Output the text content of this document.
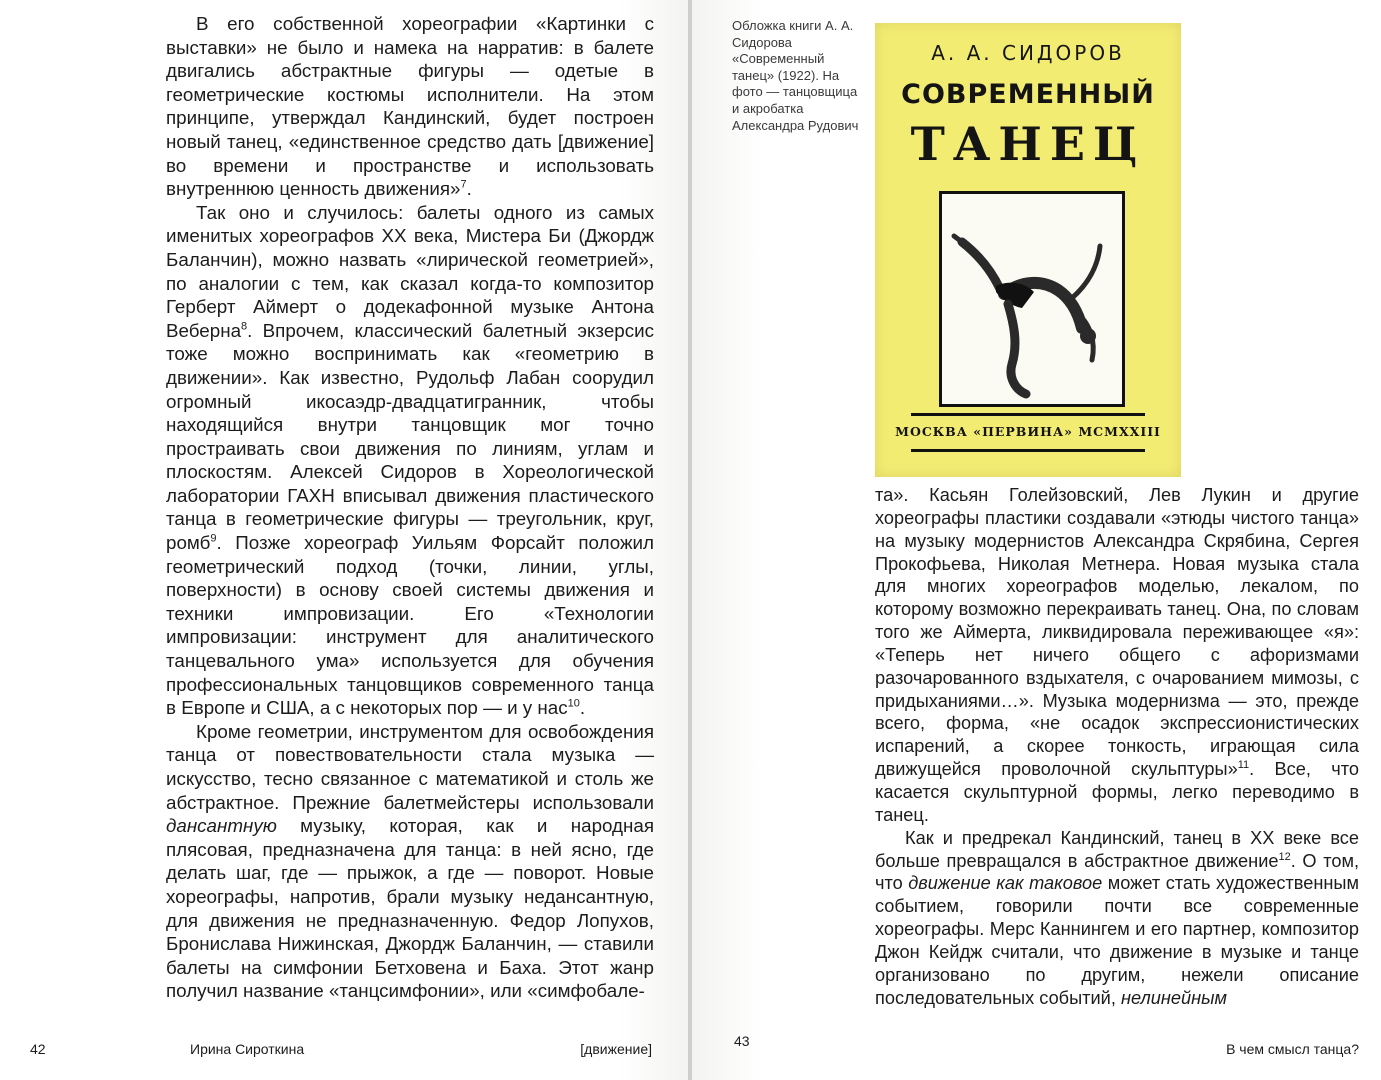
В его собственной хореографии «Картинки с выставки» не было и намека на нарратив: в балете двигались абстрактные фигуры — одетые в геометрические костюмы исполнители. На этом принципе, утверждал Кандинский, будет построен новый танец, «единственное средство дать [движение] во времени и пространстве и использовать внутреннюю ценность движения»$^7$.

Так оно и случилось: балеты одного из самых именитых хореографов XX века, Мистера Би (Джордж Баланчин), можно назвать «лирической геометрией», по аналогии с тем, как сказал когда-то композитор Герберт Аймерт о додекафонной музыке Антона Веберна$^8$. Впрочем, классический балетный экзерсис тоже можно воспринимать как «геометрию в движении». Как известно, Рудольф Лабан соорудил огромный икосаэдр-двадцатигранник, чтобы находящийся внутри танцовщик мог точно простраивать свои движения по линиям, углам и плоскостям. Алексей Сидоров в Хореологической лаборатории ГАХН вписывал движения пластического танца в геометрические фигуры — треугольник, круг, ромб$^9$. Позже хореограф Уильям Форсайт положил геометрический подход (точки, линии, углы, поверхности) в основу своей системы движения и техники импровизации. Его «Технологии импровизации: инструмент для аналитического танцевального ума» используется для обучения профессиональных танцовщиков современного танца в Европе и США, а с некоторых пор — и у нас$^{10}$.

Кроме геометрии, инструментом для освобождения танца от повествовательности стала музыка — искусство, тесно связанное с математикой и столь же абстрактное. Прежние балетмейстеры использовали дансантную музыку, которая, как и народная плясовая, предназначена для танца: в ней ясно, где делать шаг, где — прыжок, а где — поворот. Новые хореографы, напротив, брали музыку недансантную, для движения не предназначенную. Федор Лопухов, Бронислава Нижинская, Джордж Баланчин, — ставили балеты на симфонии Бетховена и Баха. Этот жанр получил название «танцсимфонии», или «симфобале-

42	Ирина Сироткина	[движение]

Обложка книги А. А. Сидорова «Современный танец» (1922). На фото — танцовщица и акробатка Александра Рудович

А. А. СИДОРОВ

СОВРЕМЕННЫЙ

ТАНЕЦ

МОСКВА «ПЕРВИНА» МСМХХIII

та». Касьян Голейзовский, Лев Лукин и другие хореографы пластики создавали «этюды чистого танца» на музыку модернистов Александра Скрябина, Сергея Прокофьева, Николая Метнера. Новая музыка стала для многих хореографов моделью, лекалом, по которому возможно перекраивать танец. Она, по словам того же Аймерта, ликвидировала переживающее «я»: «Теперь нет ничего общего с афоризмами разочарованного вздыхателя, с очарованием мимозы, с придыханиями…». Музыка модернизма — это, прежде всего, форма, «не осадок экспрессионистических испарений, а скорее тонкость, играющая сила движущейся проволочной скульптуры»$^{11}$. Все, что касается скульптурной формы, легко переводимо в танец.

Как и предрекал Кандинский, танец в XX веке все больше превращался в абстрактное движение$^{12}$. О том, что движение как таковое может стать художественным событием, говорили почти все современные хореографы. Мерс Каннингем и его партнер, композитор Джон Кейдж считали, что движение в музыке и танце организовано по другим, нежели описание последовательных событий, нелинейным

43	В чем смысл танца?
